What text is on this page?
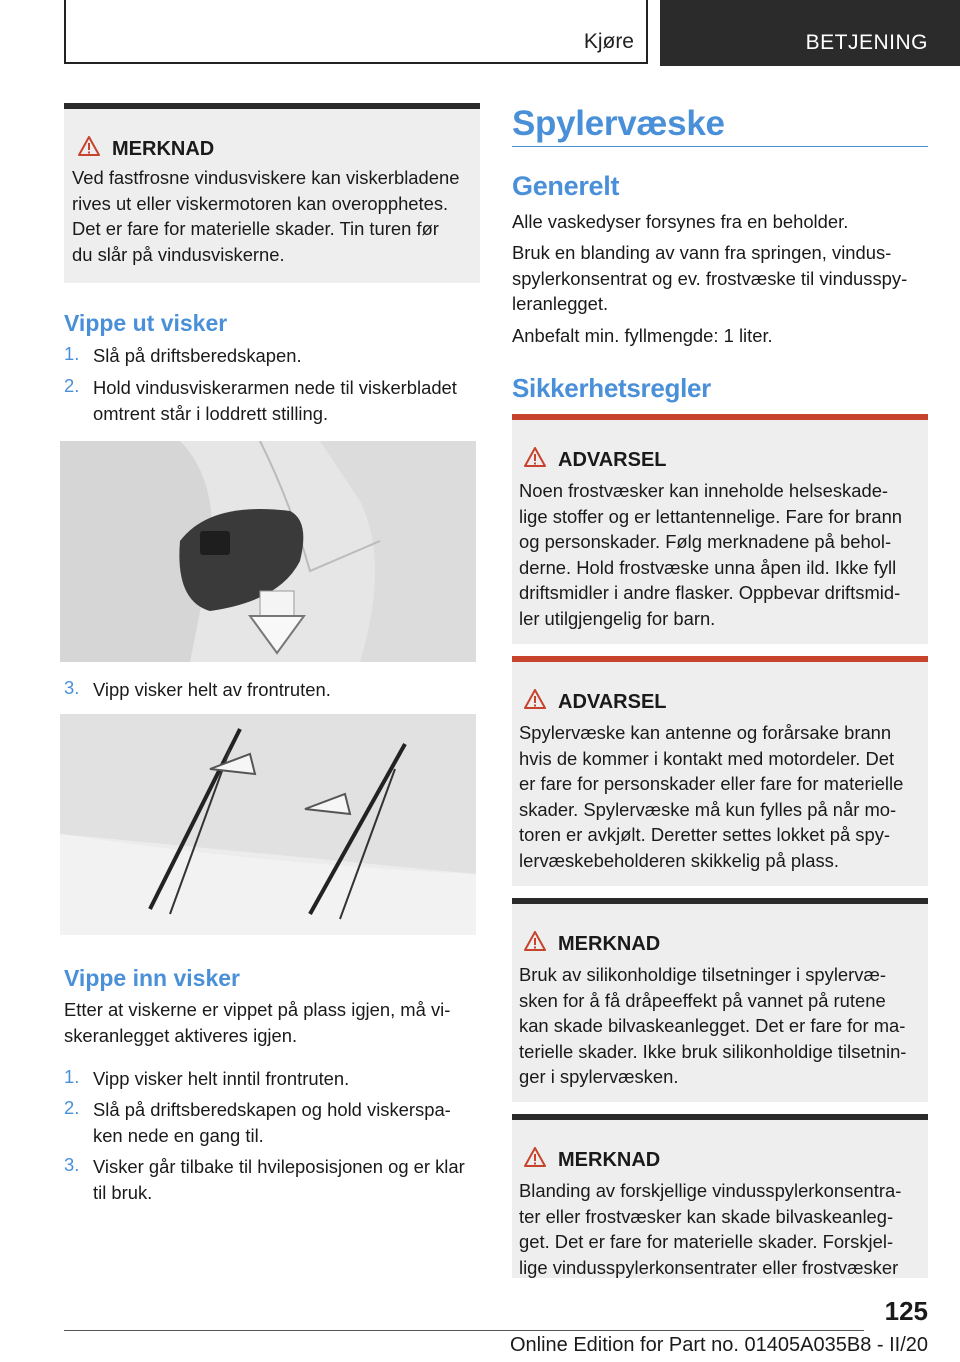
Kjøre	BETJENING
MERKNAD
Ved fastfrosne vindusviskere kan viskerbladene
rives ut eller viskermotoren kan overopphetes.
Det er fare for materielle skader. Tin turen før
du slår på vindusviskerne.
Vippe ut visker
1. Slå på driftsberedskapen.
2. Hold vindusviskerarmen nede til viskerbladet
omtrent står i loddrett stilling.
3. Vipp visker helt av frontruten.
Vippe inn visker
Etter at viskerne er vippet på plass igjen, må vi-
skeranlegget aktiveres igjen.
1. Vipp visker helt inntil frontruten.
2. Slå på driftsberedskapen og hold viskerspa-
ken nede en gang til.
3. Visker går tilbake til hvileposisjonen og er klar
til bruk.
Spylervæske
Generelt
Alle vaskedyser forsynes fra en beholder.
Bruk en blanding av vann fra springen, vindus-
spylerkonsentrat og ev. frostvæske til vindusspy-
leranlegget.
Anbefalt min. fyllmengde: 1 liter.
Sikkerhetsregler
ADVARSEL
Noen frostvæsker kan inneholde helseskade-
lige stoffer og er lettantennelige. Fare for brann
og personskader. Følg merknadene på behol-
derne. Hold frostvæske unna åpen ild. Ikke fyll
driftsmidler i andre flasker. Oppbevar driftsmid-
ler utilgjengelig for barn.
ADVARSEL
Spylervæske kan antenne og forårsake brann
hvis de kommer i kontakt med motordeler. Det
er fare for personskader eller fare for materielle
skader. Spylervæske må kun fylles på når mo-
toren er avkjølt. Deretter settes lokket på spy-
lervæskebeholderen skikkelig på plass.
MERKNAD
Bruk av silikonholdige tilsetninger i spylervæ-
sken for å få dråpeeffekt på vannet på rutene
kan skade bilvaskeanlegget. Det er fare for ma-
terielle skader. Ikke bruk silikonholdige tilsetnin-
ger i spylervæsken.
MERKNAD
Blanding av forskjellige vindusspylerkonsentra-
ter eller frostvæsker kan skade bilvaskeanleg-
get. Det er fare for materielle skader. Forskjel-
lige vindusspylerkonsentrater eller frostvæsker
125
Online Edition for Part no. 01405A035B8 - II/20
